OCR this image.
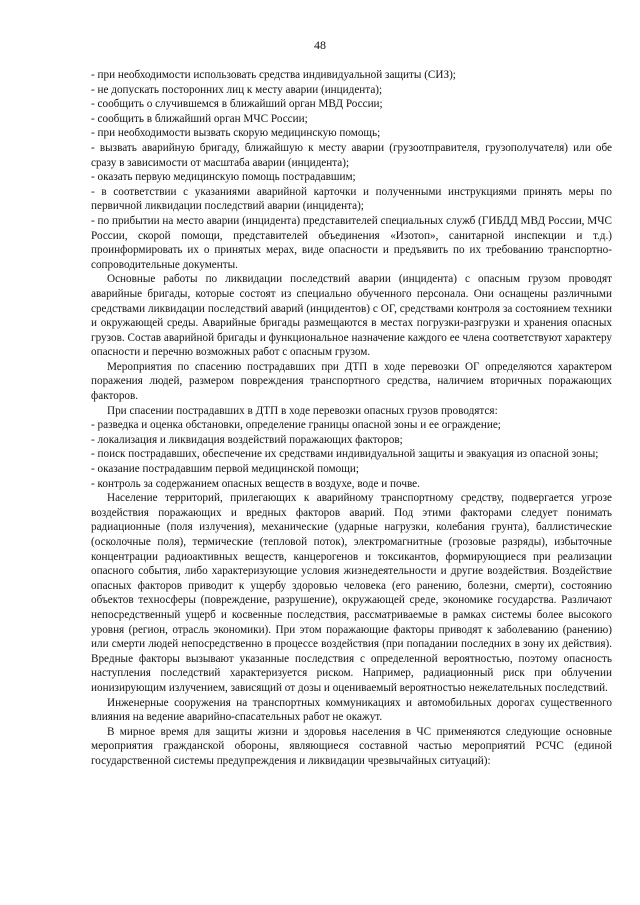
48

- при необходимости использовать средства индивидуальной защиты (СИЗ);

- не допускать посторонних лиц к месту аварии (инцидента);

- сообщить о случившемся в ближайший орган МВД России;

- сообщить в ближайший орган МЧС России;

- при необходимости вызвать скорую медицинскую помощь;

- вызвать аварийную бригаду, ближайшую к месту аварии (грузоотправителя, грузополучателя) или обе сразу в зависимости от масштаба аварии (инцидента);

- оказать первую медицинскую помощь пострадавшим;

- в соответствии с указаниями аварийной карточки и полученными инструкциями принять меры по первичной ликвидации последствий аварии (инцидента);

- по прибытии на место аварии (инцидента) представителей специальных служб (ГИБДД МВД России, МЧС России, скорой помощи, представителей объединения «Изотоп», санитарной инспекции и т.д.) проинформировать их о принятых мерах, виде опасности и предъявить по их требованию транспортно-сопроводительные документы.

Основные работы по ликвидации последствий аварии (инцидента) с опасным грузом проводят аварийные бригады, которые состоят из специально обученного персонала. Они оснащены различными средствами ликвидации последствий аварий (инцидентов) с ОГ, средствами контроля за состоянием техники и окружающей среды. Аварийные бригады размещаются в местах погрузки-разгрузки и хранения опасных грузов. Состав аварийной бригады и функциональное назначение каждого ее члена соответствуют характеру опасности и перечню возможных работ с опасным грузом.

Мероприятия по спасению пострадавших при ДТП в ходе перевозки ОГ определяются характером поражения людей, размером повреждения транспортного средства, наличием вторичных поражающих факторов.

При спасении пострадавших в ДТП в ходе перевозки опасных грузов проводятся:

- разведка и оценка обстановки, определение границы опасной зоны и ее ограждение;

- локализация и ликвидация воздействий поражающих факторов;

- поиск пострадавших, обеспечение их средствами индивидуальной защиты и эвакуация из опасной зоны;

- оказание пострадавшим первой медицинской помощи;

- контроль за содержанием опасных веществ в воздухе, воде и почве.

Население территорий, прилегающих к аварийному транспортному средству, подвергается угрозе воздействия поражающих и вредных факторов аварий. Под этими факторами следует понимать радиационные (поля излучения), механические (ударные нагрузки, колебания грунта), баллистические (осколочные поля), термические (тепловой поток), электромагнитные (грозовые разряды), избыточные концентрации радиоактивных веществ, канцерогенов и токсикантов, формирующиеся при реализации опасного события, либо характеризующие условия жизнедеятельности и другие воздействия. Воздействие опасных факторов приводит к ущербу здоровью человека (его ранению, болезни, смерти), состоянию объектов техносферы (повреждение, разрушение), окружающей среде, экономике государства. Различают непосредственный ущерб и косвенные последствия, рассматриваемые в рамках системы более высокого уровня (регион, отрасль экономики). При этом поражающие факторы приводят к заболеванию (ранению) или смерти людей непосредственно в процессе воздействия (при попадании последних в зону их действия). Вредные факторы вызывают указанные последствия с определенной вероятностью, поэтому опасность наступления последствий характеризуется риском. Например, радиационный риск при облучении ионизирующим излучением, зависящий от дозы и оцениваемый вероятностью нежелательных последствий.

Инженерные сооружения на транспортных коммуникациях и автомобильных дорогах существенного влияния на ведение аварийно-спасательных работ не окажут.

В мирное время для защиты жизни и здоровья населения в ЧС применяются следующие основные мероприятия гражданской обороны, являющиеся составной частью мероприятий РСЧС (единой государственной системы предупреждения и ликвидации чрезвычайных ситуаций):
